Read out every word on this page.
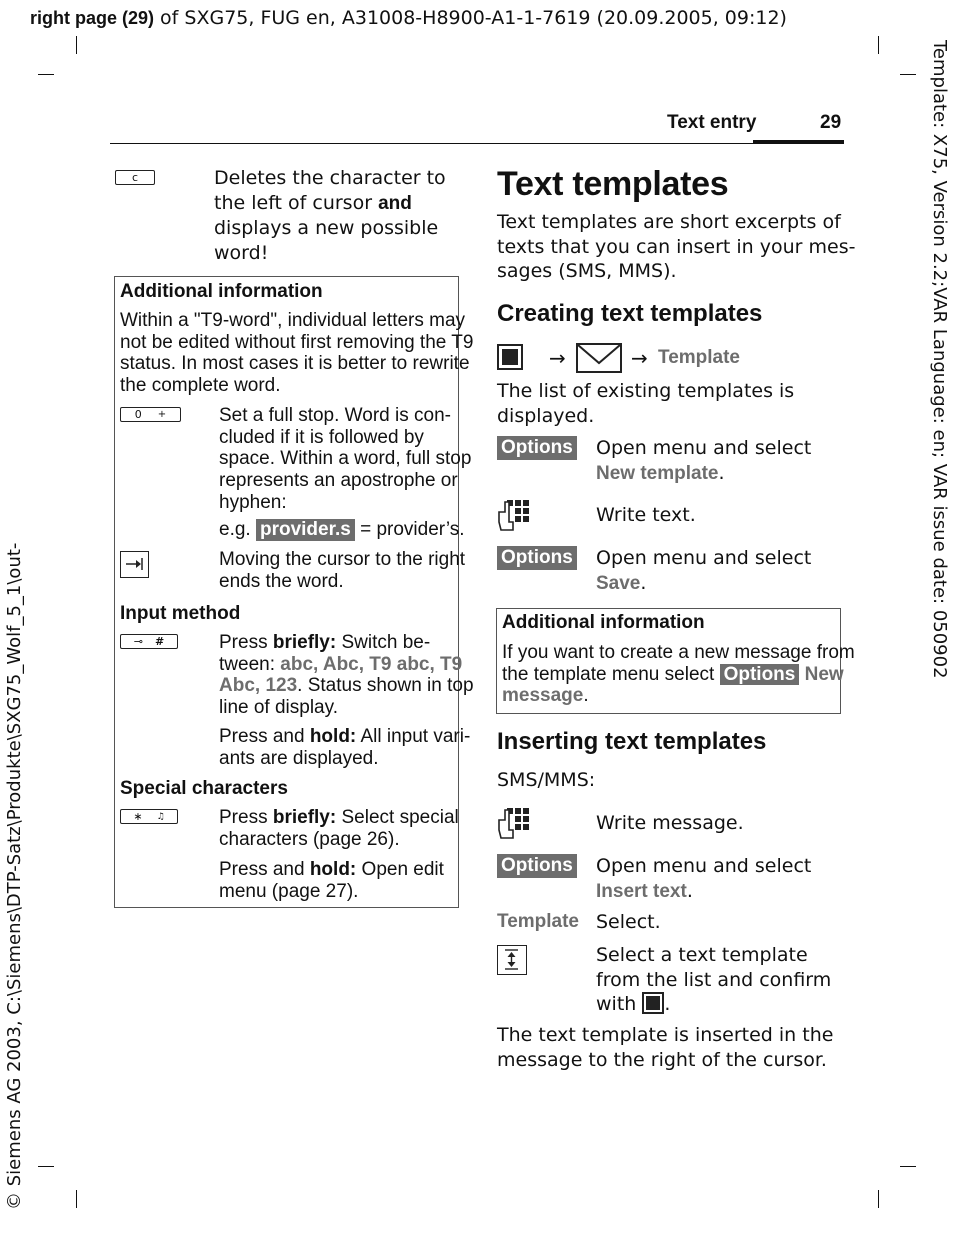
right page (29) of SXG75, FUG en, A31008-H8900-A1-1-7619 (20.09.2005, 09:12)
Template: X75, Version 2.2;VAR Language: en; VAR issue date: 050902
© Siemens AG 2003, C:\Siemens\DTP-Satz\Produkte\SXG75_Wolf_5_1\out-
Text entry	29
c	Deletes the character to
the left of cursor and
displays a new possible
word!
Additional information
Within a "T9-word", individual letters may
not be edited without first removing the T9
status. In most cases it is better to rewrite
the complete word.
0 +	Set a full stop. Word is con-
cluded if it is followed by
space. Within a word, full stop
represents an apostrophe or
hyphen:
e.g. provider.s = provider’s.
Moving the cursor to the right
ends the word.
Input method
⊸ #	Press briefly: Switch be-
tween: abc, Abc, T9 abc, T9
Abc, 123. Status shown in top
line of display.
Press and hold: All input vari-
ants are displayed.
Special characters
∗ ♫	Press briefly: Select special
characters (page 26).
Press and hold: Open edit
menu (page 27).
Text templates
Text templates are short excerpts of
texts that you can insert in your mes-
sages (SMS, MMS).
Creating text templates
→	→ Template
The list of existing templates is
displayed.
Options Open menu and select
New template.
Write text.
Options Open menu and select
Save.
Additional information
If you want to create a new message from
the template menu select Options New
message.
Inserting text templates
SMS/MMS:
Write message.
Options Open menu and select
Insert text.
Template Select.
Select a text template
from the list and confirm
with
.
The text template is inserted in the
message to the right of the cursor.
